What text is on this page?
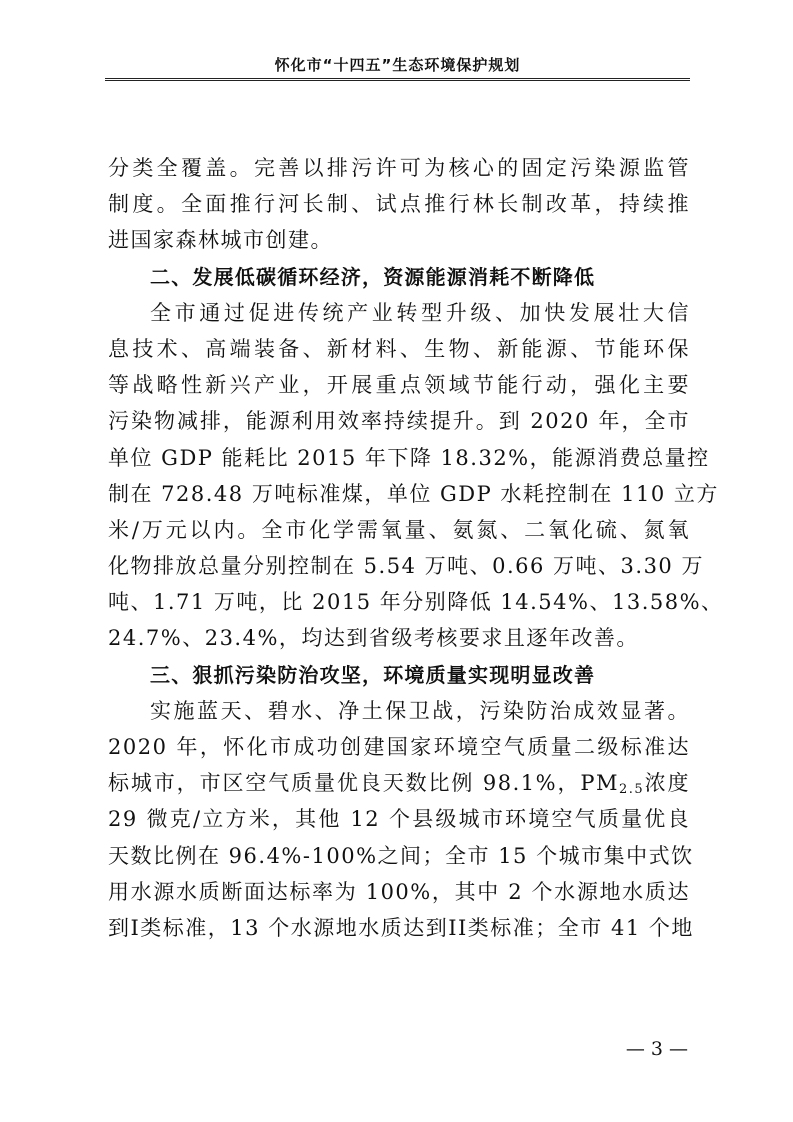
怀化市“十四五”生态环境保护规划
分类全覆盖。完善以排污许可为核心的固定污染源监管
制度。全面推行河长制、试点推行林长制改革，持续推
进国家森林城市创建。
二、发展低碳循环经济，资源能源消耗不断降低
全市通过促进传统产业转型升级、加快发展壮大信
息技术、高端装备、新材料、生物、新能源、节能环保
等战略性新兴产业，开展重点领域节能行动，强化主要
污染物减排，能源利用效率持续提升。到 2020 年，全市
单位 GDP 能耗比 2015 年下降 18.32%，能源消费总量控
制在 728.48 万吨标准煤，单位 GDP 水耗控制在 110 立方
米/万元以内。全市化学需氧量、氨氮、二氧化硫、氮氧
化物排放总量分别控制在 5.54 万吨、0.66 万吨、3.30 万
吨、1.71 万吨，比 2015 年分别降低 14.54%、13.58%、
24.7%、23.4%，均达到省级考核要求且逐年改善。
三、狠抓污染防治攻坚，环境质量实现明显改善
实施蓝天、碧水、净土保卫战，污染防治成效显著。
2020 年，怀化市成功创建国家环境空气质量二级标准达
标城市，市区空气质量优良天数比例 98.1%，PM2.5浓度
29 微克/立方米，其他 12 个县级城市环境空气质量优良
天数比例在 96.4%-100%之间；全市 15 个城市集中式饮
用水源水质断面达标率为 100%，其中 2 个水源地水质达
到I类标准，13 个水源地水质达到II类标准；全市 41 个地
— 3 —
